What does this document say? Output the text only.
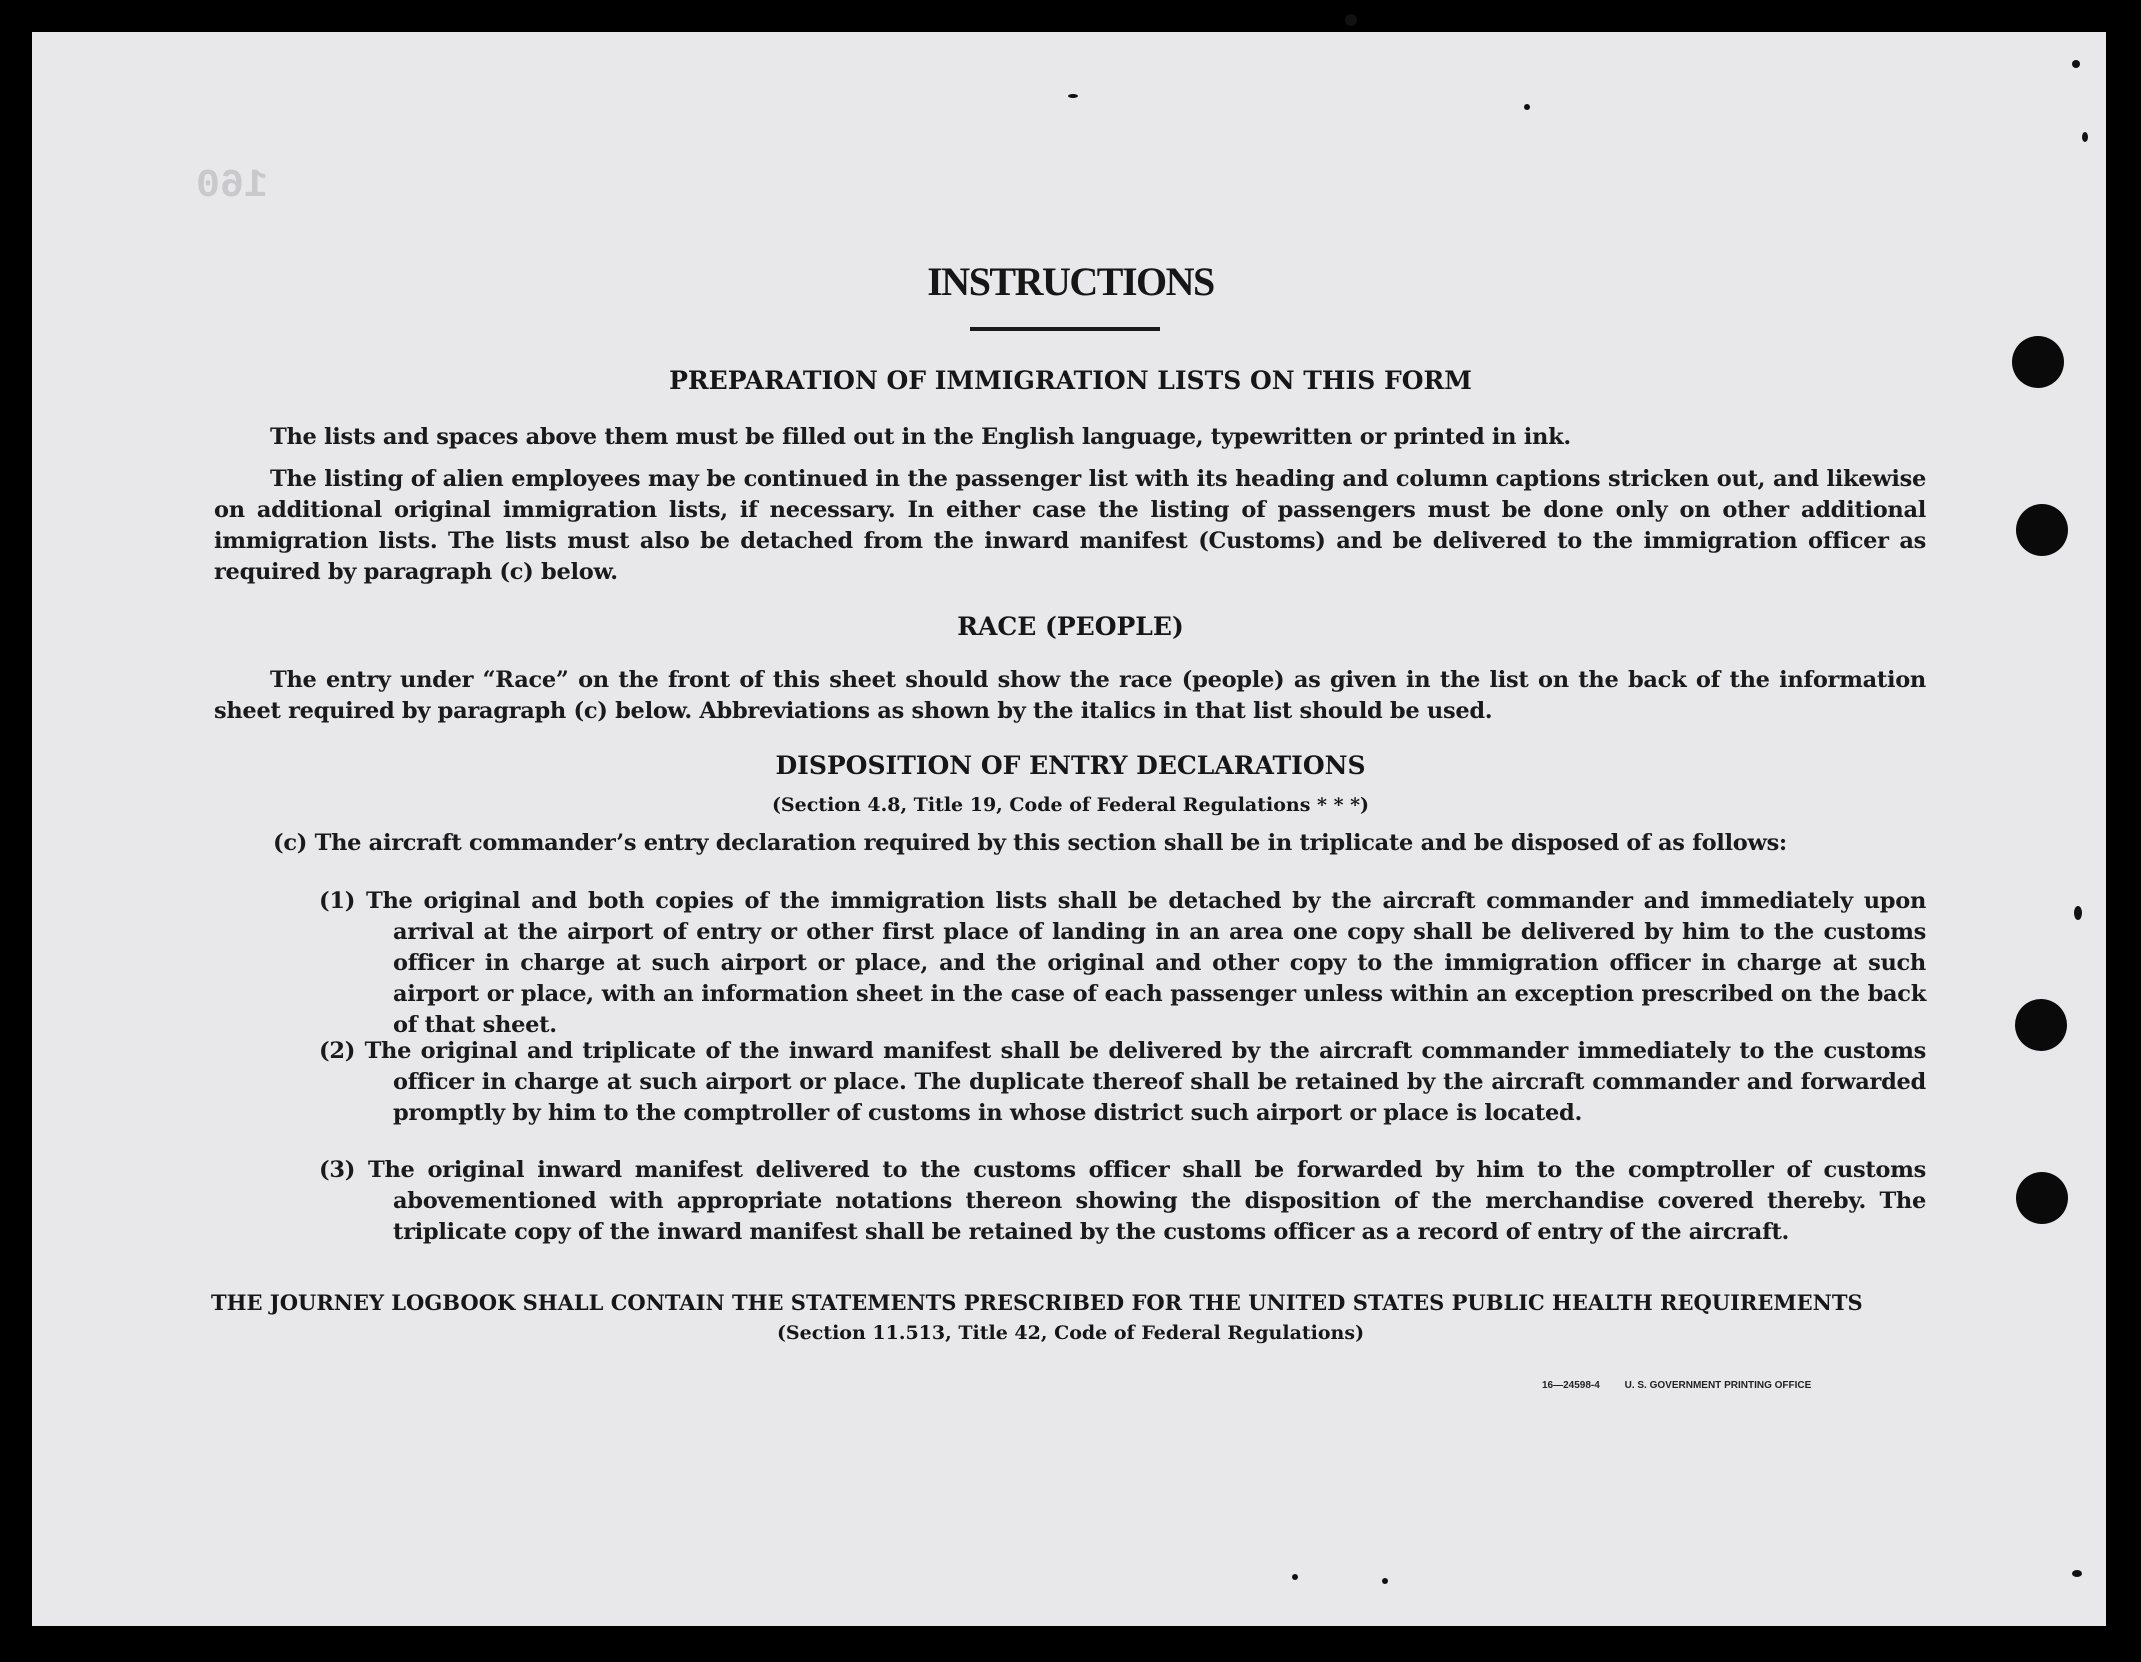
160
INSTRUCTIONS
PREPARATION OF IMMIGRATION LISTS ON THIS FORM

The lists and spaces above them must be filled out in the English language, typewritten or printed in ink.

The listing of alien employees may be continued in the passenger list with its heading and column captions stricken out, and likewise on additional original immigration lists, if necessary. In either case the listing of passengers must be done only on other additional immigration lists. The lists must also be detached from the inward manifest (Customs) and be delivered to the immigration officer as required by paragraph (c) below.

RACE (PEOPLE)

The entry under “Race” on the front of this sheet should show the race (people) as given in the list on the back of the information sheet required by paragraph (c) below. Abbreviations as shown by the italics in that list should be used.

DISPOSITION OF ENTRY DECLARATIONS

(Section 4.8, Title 19, Code of Federal Regulations * * *)

(c) The aircraft commander’s entry declaration required by this section shall be in triplicate and be disposed of as follows:

(1) The original and both copies of the immigration lists shall be detached by the aircraft commander and immediately upon arrival at the airport of entry or other first place of landing in an area one copy shall be delivered by him to the customs officer in charge at such airport or place, and the original and other copy to the immigration officer in charge at such airport or place, with an information sheet in the case of each passenger unless within an exception prescribed on the back of that sheet.

(2) The original and triplicate of the inward manifest shall be delivered by the aircraft commander immediately to the customs officer in charge at such airport or place. The duplicate thereof shall be retained by the aircraft commander and forwarded promptly by him to the comptroller of customs in whose district such airport or place is located.

(3) The original inward manifest delivered to the customs officer shall be forwarded by him to the comptroller of customs abovementioned with appropriate notations thereon showing the disposition of the merchandise covered thereby. The triplicate copy of the inward manifest shall be retained by the customs officer as a record of entry of the aircraft.

THE JOURNEY LOGBOOK SHALL CONTAIN THE STATEMENTS PRESCRIBED FOR THE UNITED STATES PUBLIC HEALTH REQUIREMENTS

(Section 11.513, Title 42, Code of Federal Regulations)

16—24598-4 U. S. GOVERNMENT PRINTING OFFICE
